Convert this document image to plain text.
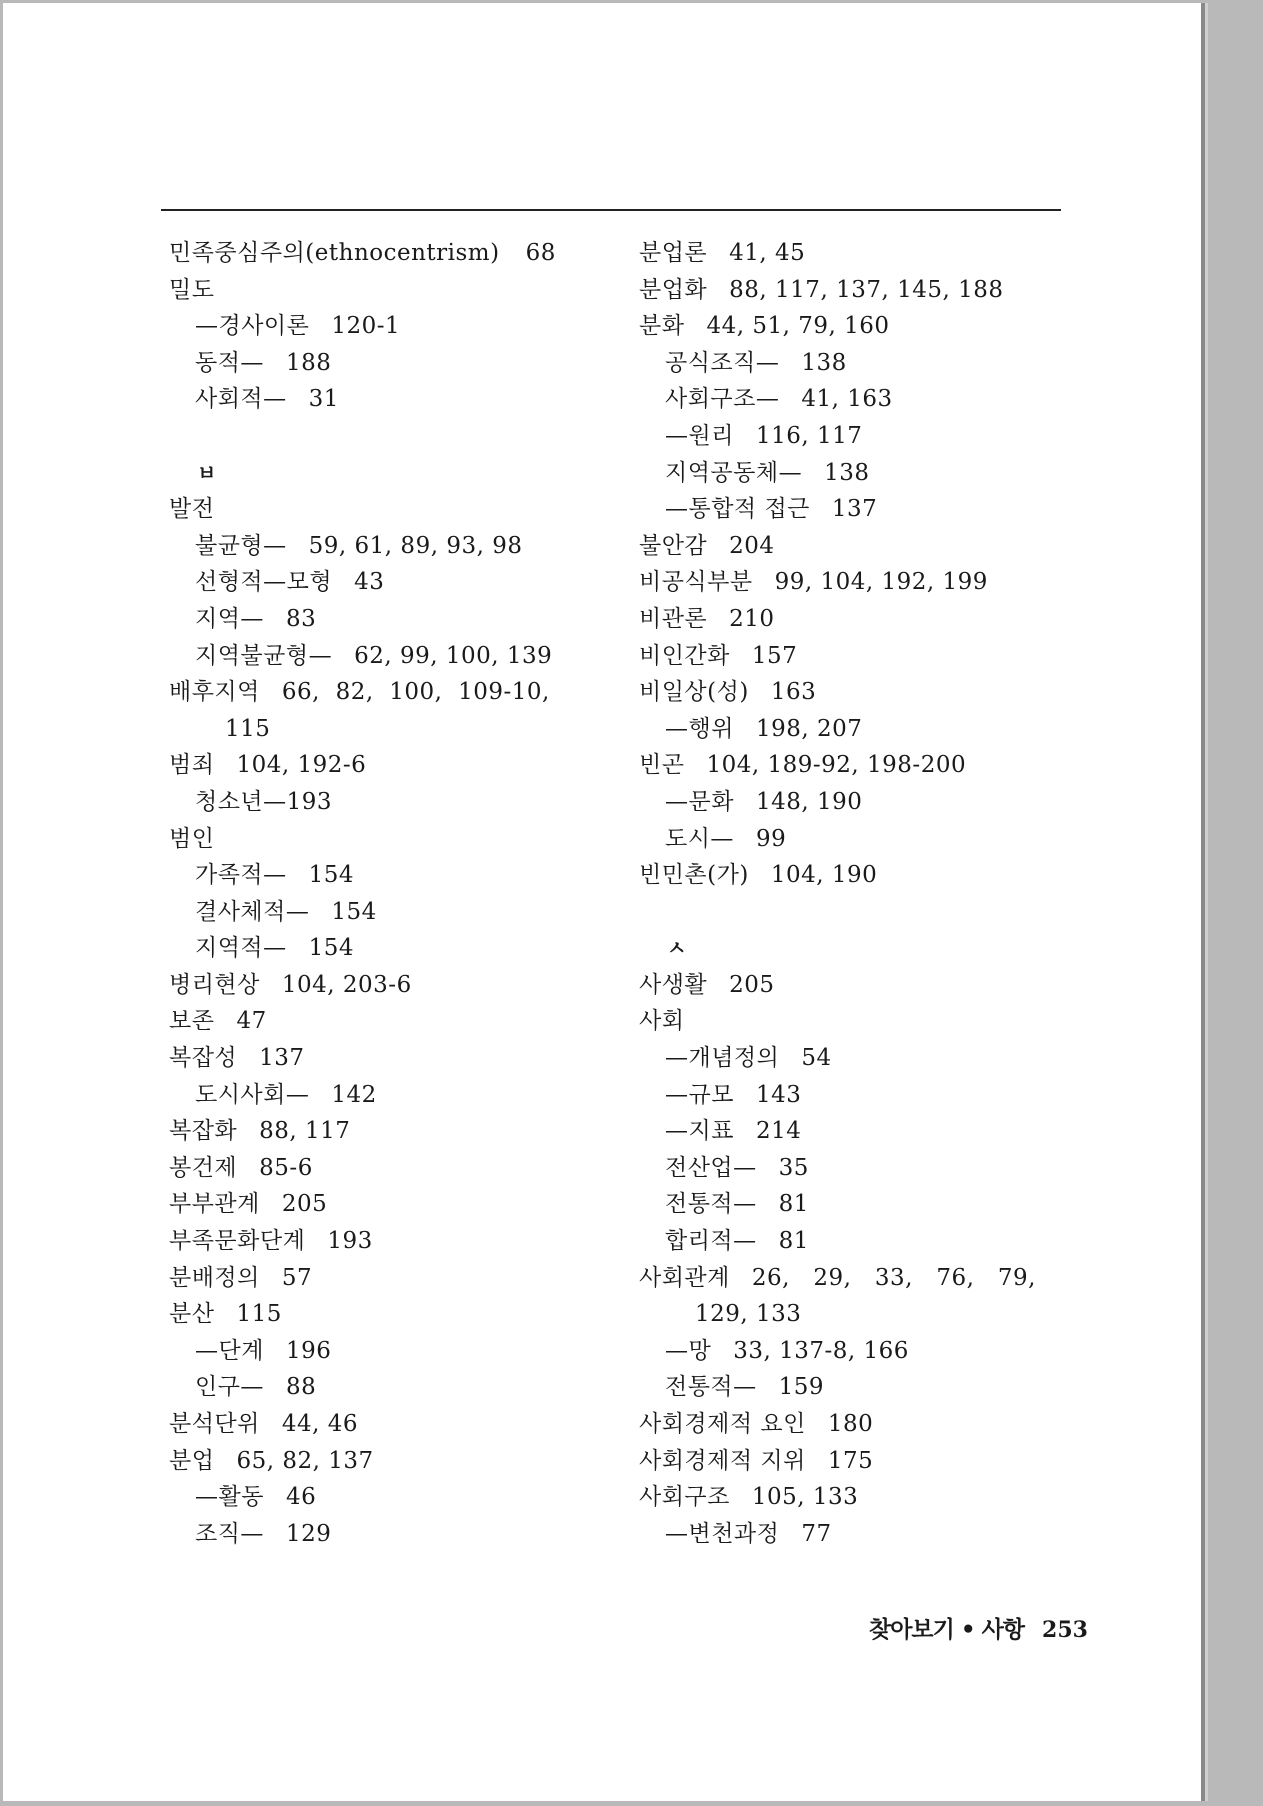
민족중심주의(ethnocentrism) 68
밀도
—경사이론 120-1
동적— 188
사회적— 31
ㅂ
발전
불균형— 59, 61, 89, 93, 98
선형적—모형 43
지역— 83
지역불균형— 62, 99, 100, 139
배후지역 66,  82,  100,  109-10,
115
범죄 104, 192-6
청소년—193
범인
가족적— 154
결사체적— 154
지역적— 154
병리현상 104, 203-6
보존 47
복잡성 137
도시사회— 142
복잡화 88, 117
봉건제 85-6
부부관계 205
부족문화단계 193
분배정의 57
분산 115
—단계 196
인구— 88
분석단위 44, 46
분업 65, 82, 137
—활동 46
조직— 129
분업론 41, 45
분업화 88, 117, 137, 145, 188
분화 44, 51, 79, 160
공식조직— 138
사회구조— 41, 163
—원리 116, 117
지역공동체— 138
—통합적 접근 137
불안감 204
비공식부분 99, 104, 192, 199
비관론 210
비인간화 157
비일상(성) 163
—행위 198, 207
빈곤 104, 189-92, 198-200
—문화 148, 190
도시— 99
빈민촌(가) 104, 190
ㅅ
사생활 205
사회
—개념정의 54
—규모 143
—지표 214
전산업— 35
전통적— 81
합리적— 81
사회관계 26,   29,   33,   76,   79,
129, 133
—망 33, 137-8, 166
전통적— 159
사회경제적 요인 180
사회경제적 지위 175
사회구조 105, 133
—변천과정 77
찾아보기 • 사항 253
